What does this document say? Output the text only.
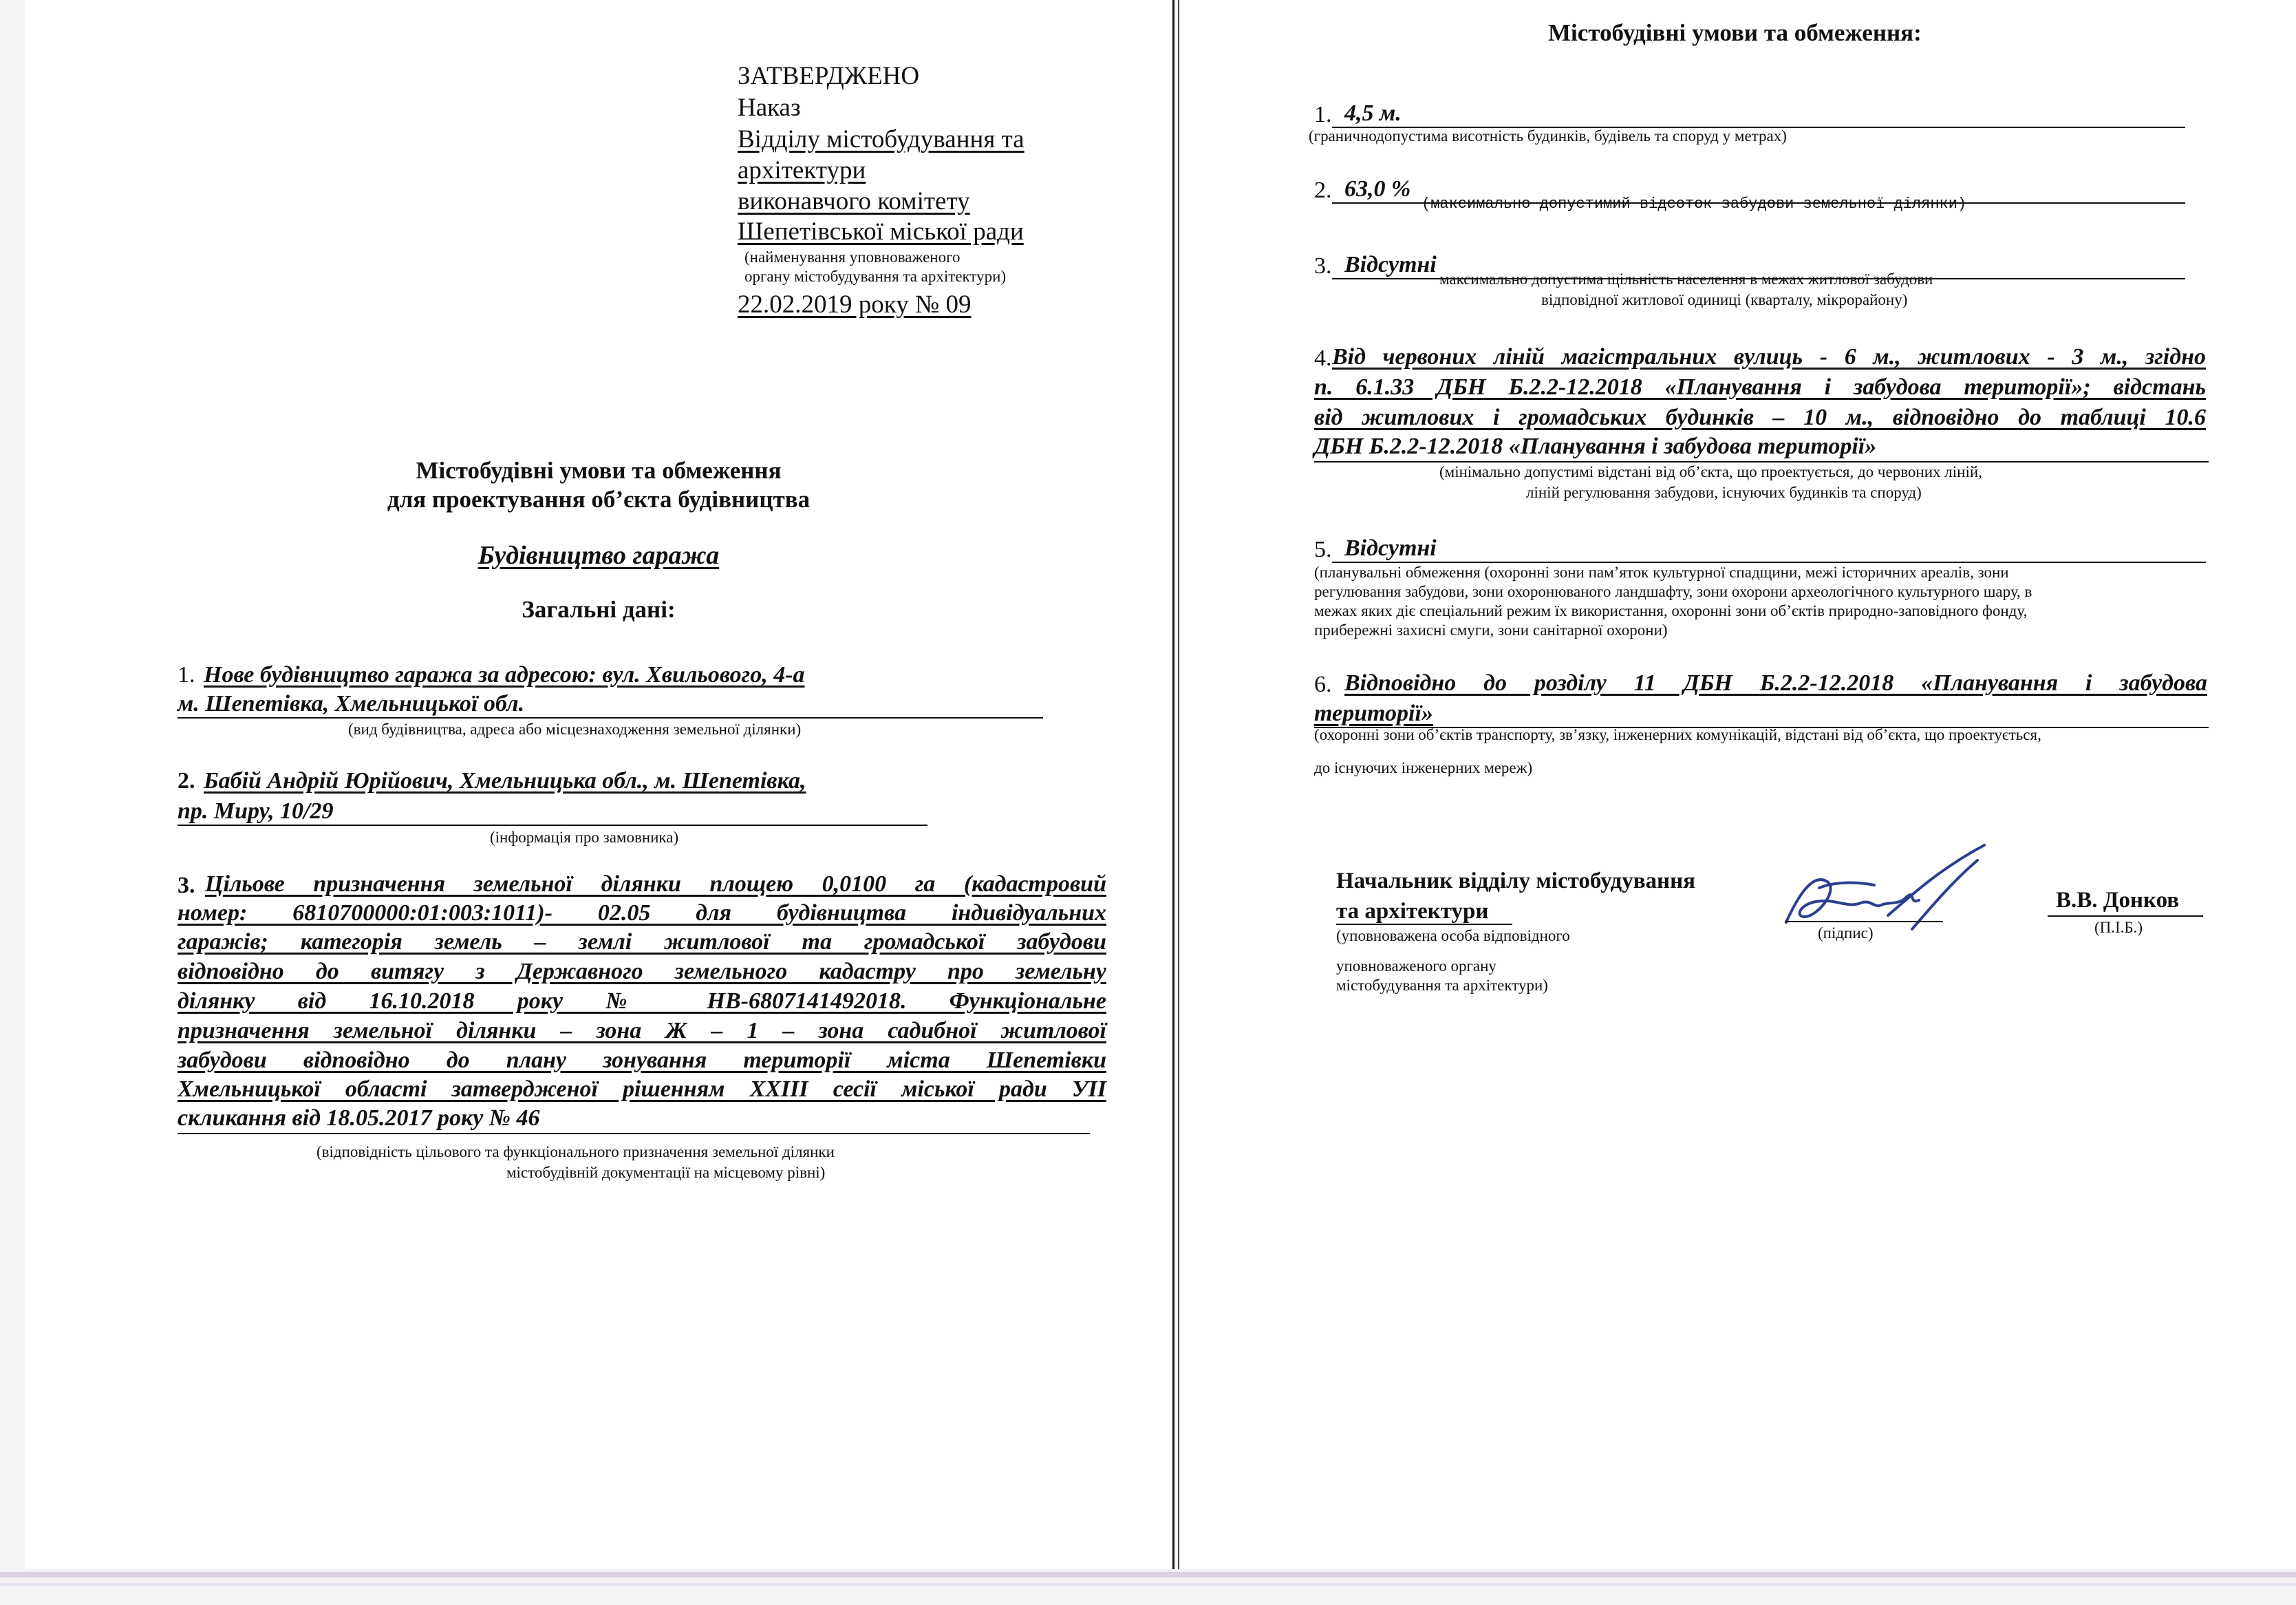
ЗАТВЕРДЖЕНО
Наказ
Відділу містобудування та
архітектури
виконавчого комітету
Шепетівської міської ради
(найменування уповноваженого
органу містобудування та архітектури)
22.02.2019 року № 09
Містобудівні умови та обмеження
для проектування об’єкта будівництва
Будівництво гаража
Загальні дані:
1. Нове будівництво гаража за адресою: вул. Хвильового, 4-а
м. Шепетівка, Хмельницької обл.
(вид будівництва, адреса або місцезнаходження земельної ділянки)
2. Бабій Андрій Юрійович, Хмельницька обл., м. Шепетівка,
пр. Миру, 10/29
(інформація про замовника)
3. Цільове призначення земельної ділянки площею 0,0100 га (кадастровий
номер: 6810700000:01:003:1011)- 02.05 для будівництва індивідуальних
гаражів; категорія земель – землі житлової та громадської забудови
відповідно до витягу з Державного земельного кадастру про земельну
ділянку від 16.10.2018 року № НВ-6807141492018. Функціональне
призначення земельної ділянки – зона Ж – 1 – зона садибної житлової
забудови відповідно до плану зонування території міста Шепетівки
Хмельницької області затвердженої рішенням ХХІІІ сесії міської ради УІІ
скликання від 18.05.2017 року № 46
(відповідність цільового та функціонального призначення земельної ділянки
містобудівній документації на місцевому рівні)
Містобудівні умови та обмеження:
1. 4,5 м.
(граничнодопустима висотність будинків, будівель та споруд у метрах)
2. 63,0 %
(максимально допустимий відсоток забудови земельної ділянки)
3. Відсутні
максимально допустима щільність населення в межах житлової забудови
відповідної житлової одиниці (кварталу, мікрорайону)
4. Від червоних ліній магістральних вулиць - 6 м., житлових - 3 м., згідно
п. 6.1.33 ДБН Б.2.2-12.2018 «Планування і забудова території»; відстань
від житлових і громадських будинків – 10 м., відповідно до таблиці 10.6
ДБН Б.2.2-12.2018 «Планування і забудова території»
(мінімально допустимі відстані від об’єкта, що проектується, до червоних ліній,
ліній регулювання забудови, існуючих будинків та споруд)
5. Відсутні
(планувальні обмеження (охоронні зони пам’яток культурної спадщини, межі історичних ареалів, зони
регулювання забудови, зони охоронюваного ландшафту, зони охорони археологічного культурного шару, в
межах яких діє спеціальний режим їх використання, охоронні зони об’єктів природно-заповідного фонду,
прибережні захисні смуги, зони санітарної охорони)
6. Відповідно до розділу 11 ДБН Б.2.2-12.2018 «Планування і забудова
території»
(охоронні зони об’єктів транспорту, зв’язку, інженерних комунікацій, відстані від об’єкта, що проектується,
до існуючих інженерних мереж)
Начальник відділу містобудування
та архітектури
(уповноважена особа відповідного
уповноваженого органу
містобудування та архітектури)
(підпис)
В.В. Донков
(П.І.Б.)
